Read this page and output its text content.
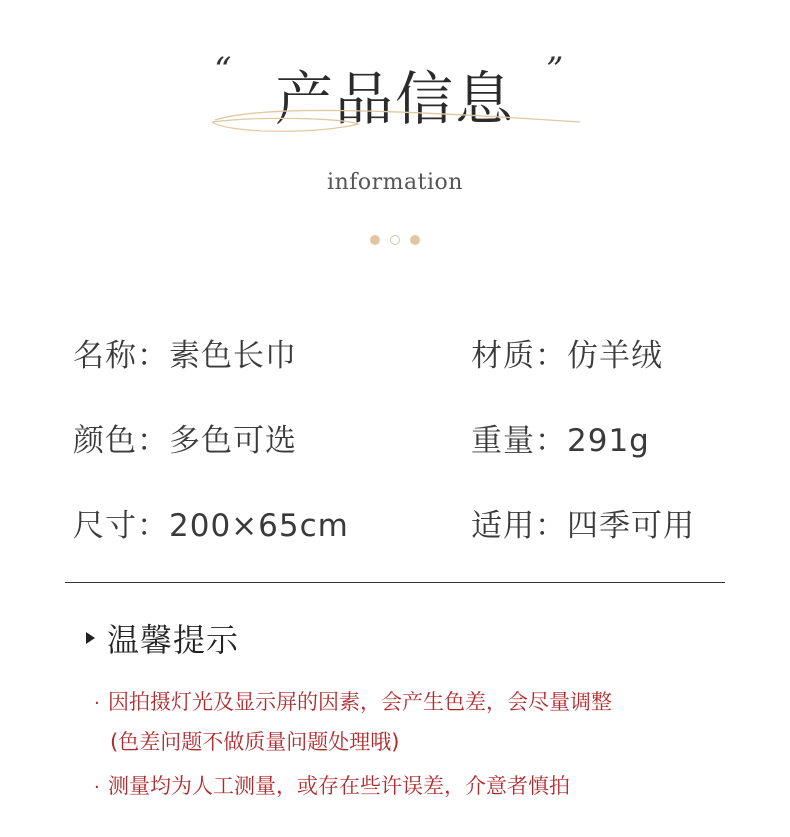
“ 产品信息 ”
information
名称：素色长巾	材质：仿羊绒
颜色：多色可选	重量：291g
尺寸：200×65cm	适用：四季可用
温馨提示
· 因拍摄灯光及显示屏的因素，会产生色差，会尽量调整
(色差问题不做质量问题处理哦)
· 测量均为人工测量，或存在些许误差，介意者慎拍
